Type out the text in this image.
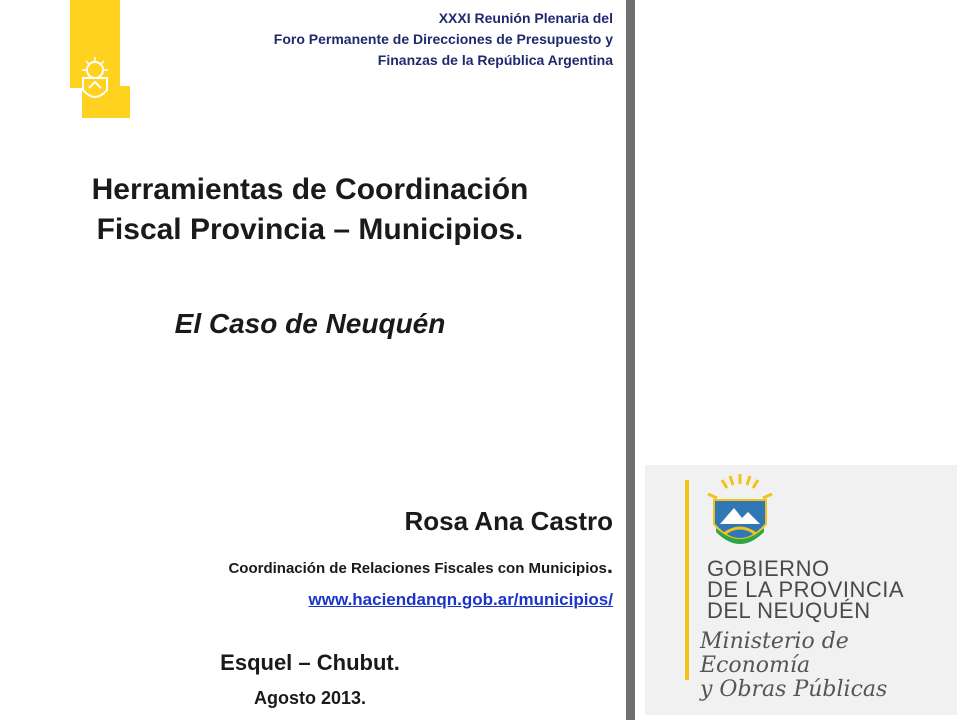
XXXI Reunión Plenaria del
Foro Permanente de Direcciones de Presupuesto y
Finanzas de la República Argentina
Herramientas de Coordinación
Fiscal Provincia – Municipios.
El Caso de Neuquén
Rosa Ana Castro
Coordinación de Relaciones Fiscales con Municipios.
www.haciendanqn.gob.ar/municipios/
Esquel – Chubut.
Agosto 2013.
GOBIERNO
DE LA PROVINCIA
DEL NEUQUÉN
Ministerio de Economía
y Obras Públicas
